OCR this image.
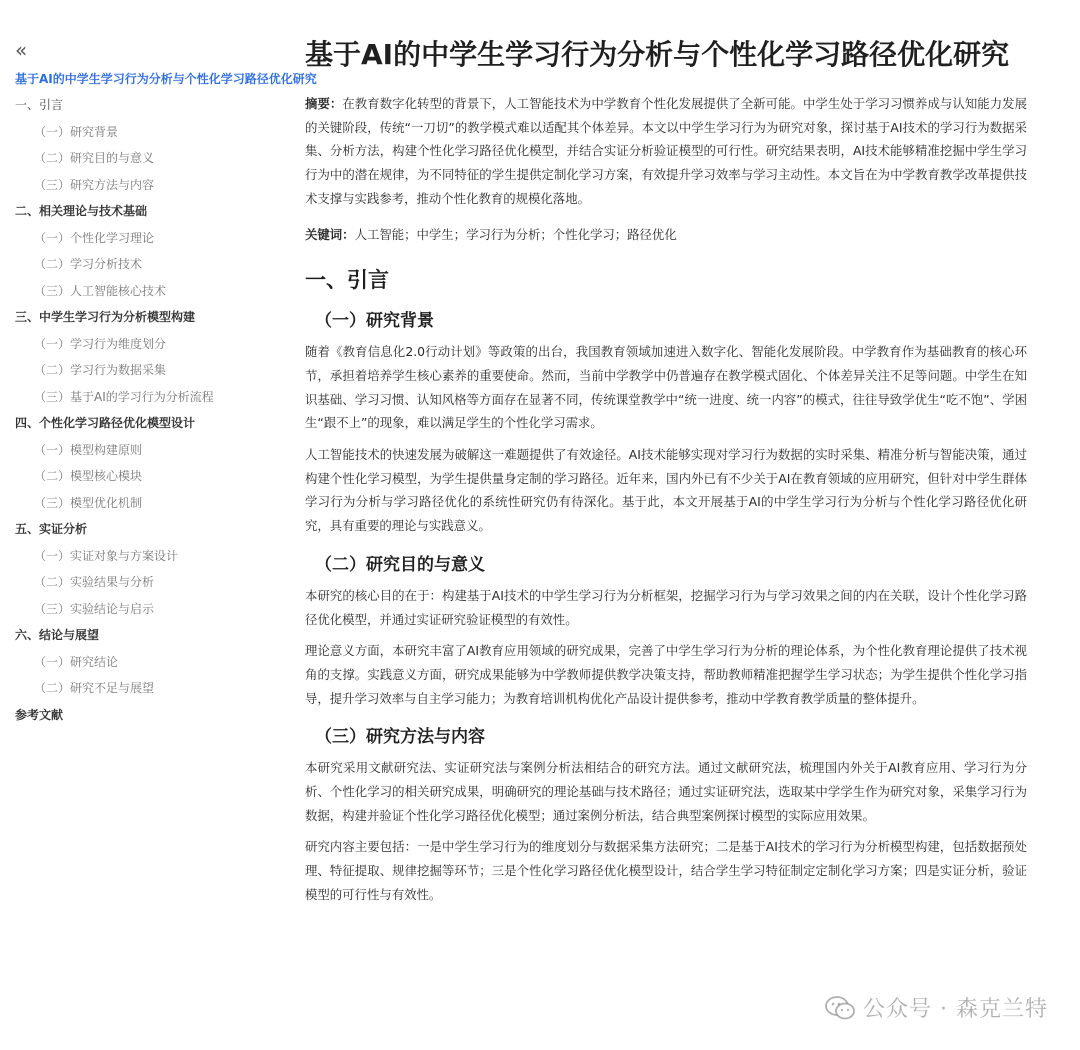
«
基于AI的中学生学习行为分析与个性化学习路径优化研究
一、引言
（一）研究背景
（二）研究目的与意义
（三）研究方法与内容
二、相关理论与技术基础
（一）个性化学习理论
（二）学习分析技术
（三）人工智能核心技术
三、中学生学习行为分析模型构建
（一）学习行为维度划分
（二）学习行为数据采集
（三）基于AI的学习行为分析流程
四、个性化学习路径优化模型设计
（一）模型构建原则
（二）模型核心模块
（三）模型优化机制
五、实证分析
（一）实证对象与方案设计
（二）实验结果与分析
（三）实验结论与启示
六、结论与展望
（一）研究结论
（二）研究不足与展望
参考文献
基于AI的中学生学习行为分析与个性化学习路径优化研究

摘要：在教育数字化转型的背景下，人工智能技术为中学教育个性化发展提供了全新可能。中学生处于学习习惯养成与认知能力发展的关键阶段，传统“一刀切”的教学模式难以适配其个体差异。本文以中学生学习行为为研究对象，探讨基于AI技术的学习行为数据采集、分析方法，构建个性化学习路径优化模型，并结合实证分析验证模型的可行性。研究结果表明，AI技术能够精准挖掘中学生学习行为中的潜在规律，为不同特征的学生提供定制化学习方案，有效提升学习效率与学习主动性。本文旨在为中学教育教学改革提供技术支撑与实践参考，推动个性化教育的规模化落地。

关键词：人工智能；中学生；学习行为分析；个性化学习；路径优化

一、引言
（一）研究背景

随着《教育信息化2.0行动计划》等政策的出台，我国教育领域加速进入数字化、智能化发展阶段。中学教育作为基础教育的核心环节，承担着培养学生核心素养的重要使命。然而，当前中学教学中仍普遍存在教学模式固化、个体差异关注不足等问题。中学生在知识基础、学习习惯、认知风格等方面存在显著不同，传统课堂教学中“统一进度、统一内容”的模式，往往导致学优生“吃不饱”、学困生“跟不上”的现象，难以满足学生的个性化学习需求。

人工智能技术的快速发展为破解这一难题提供了有效途径。AI技术能够实现对学习行为数据的实时采集、精准分析与智能决策，通过构建个性化学习模型，为学生提供量身定制的学习路径。近年来，国内外已有不少关于AI在教育领域的应用研究，但针对中学生群体学习行为分析与学习路径优化的系统性研究仍有待深化。基于此，本文开展基于AI的中学生学习行为分析与个性化学习路径优化研究，具有重要的理论与实践意义。

（二）研究目的与意义

本研究的核心目的在于：构建基于AI技术的中学生学习行为分析框架，挖掘学习行为与学习效果之间的内在关联，设计个性化学习路径优化模型，并通过实证研究验证模型的有效性。

理论意义方面，本研究丰富了AI教育应用领域的研究成果，完善了中学生学习行为分析的理论体系，为个性化教育理论提供了技术视角的支撑。实践意义方面，研究成果能够为中学教师提供教学决策支持，帮助教师精准把握学生学习状态；为学生提供个性化学习指导，提升学习效率与自主学习能力；为教育培训机构优化产品设计提供参考，推动中学教育教学质量的整体提升。

（三）研究方法与内容

本研究采用文献研究法、实证研究法与案例分析法相结合的研究方法。通过文献研究法，梳理国内外关于AI教育应用、学习行为分析、个性化学习的相关研究成果，明确研究的理论基础与技术路径；通过实证研究法，选取某中学学生作为研究对象，采集学习行为数据，构建并验证个性化学习路径优化模型；通过案例分析法，结合典型案例探讨模型的实际应用效果。

研究内容主要包括：一是中学生学习行为的维度划分与数据采集方法研究；二是基于AI技术的学习行为分析模型构建，包括数据预处理、特征提取、规律挖掘等环节；三是个性化学习路径优化模型设计，结合学生学习特征制定定制化学习方案；四是实证分析，验证模型的可行性与有效性。

公众号 · 森克兰特
